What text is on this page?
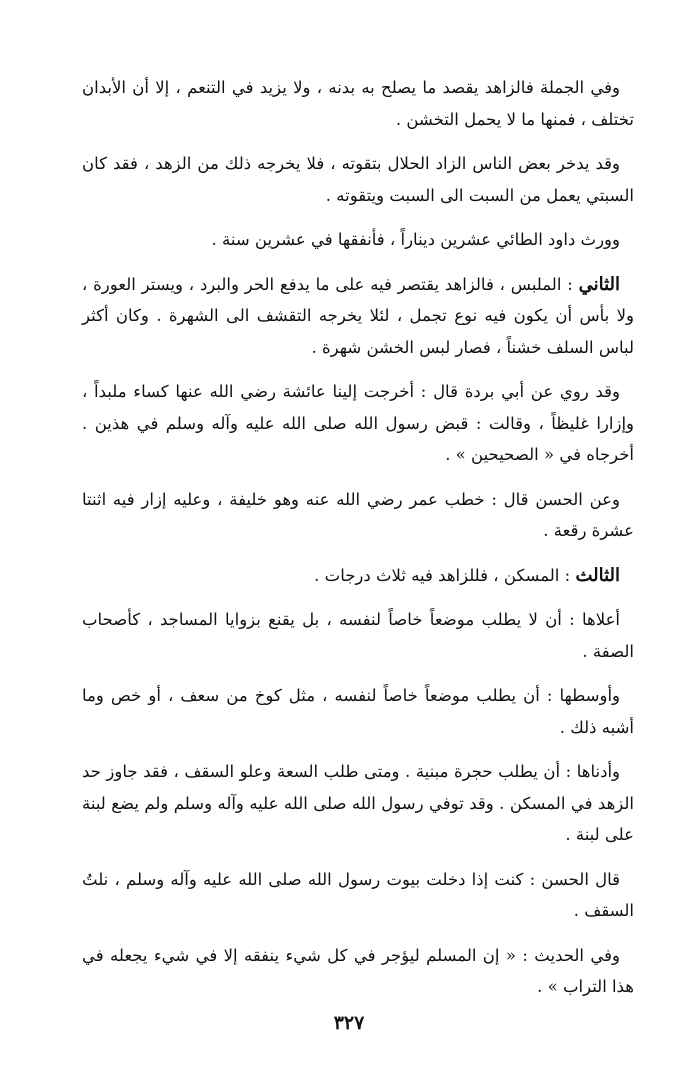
وفي الجملة فالزاهد يقصد ما يصلح به بدنه ، ولا يزيد في التنعم ، إلا أن الأبدان تختلف ، فمنها ما لا يحمل التخشن .

وقد يدخر بعض الناس الزاد الحلال بتقوته ، فلا يخرجه ذلك من الزهد ، فقد كان السبتي يعمل من السبت الى السبت ويتقوته .

وورث داود الطائي عشرين ديناراً ، فأنفقها في عشرين سنة .

الثاني : الملبس ، فالزاهد يقتصر فيه على ما يدفع الحر والبرد ، ويستر العورة ، ولا بأس أن يكون فيه نوع تجمل ، لئلا يخرجه التقشف الى الشهرة . وكان أكثر لباس السلف خشناً ، فصار لبس الخشن شهرة .

وقد روي عن أبي بردة قال : أخرجت إلينا عائشة رضي الله عنها كساء ملبداً ، وإزارا غليظاً ، وقالت : قبض رسول الله صلى الله عليه وآله وسلم في هذين . أخرجاه في « الصحيحين » .

وعن الحسن قال : خطب عمر رضي الله عنه وهو خليفة ، وعليه إزار فيه اثنتا عشرة رقعة .

الثالث : المسكن ، فللزاهد فيه ثلاث درجات .

أعلاها : أن لا يطلب موضعاً خاصاً لنفسه ، بل يقنع بزوايا المساجد ، كأصحاب الصفة .

وأوسطها : أن يطلب موضعاً خاصاً لنفسه ، مثل كوخ من سعف ، أو خص وما أشبه ذلك .

وأدناها : أن يطلب حجرة مبنية . ومتى طلب السعة وعلو السقف ، فقد جاوز حد الزهد في المسكن . وقد توفي رسول الله صلى الله عليه وآله وسلم ولم يضع لبنة على لبنة .

قال الحسن : كنت إذا دخلت بيوت رسول الله صلى الله عليه وآله وسلم ، نلتُ السقف .

وفي الحديث : « إن المسلم ليؤجر في كل شيء ينفقه إلا في شيء يجعله في هذا التراب » .

٣٢٧
